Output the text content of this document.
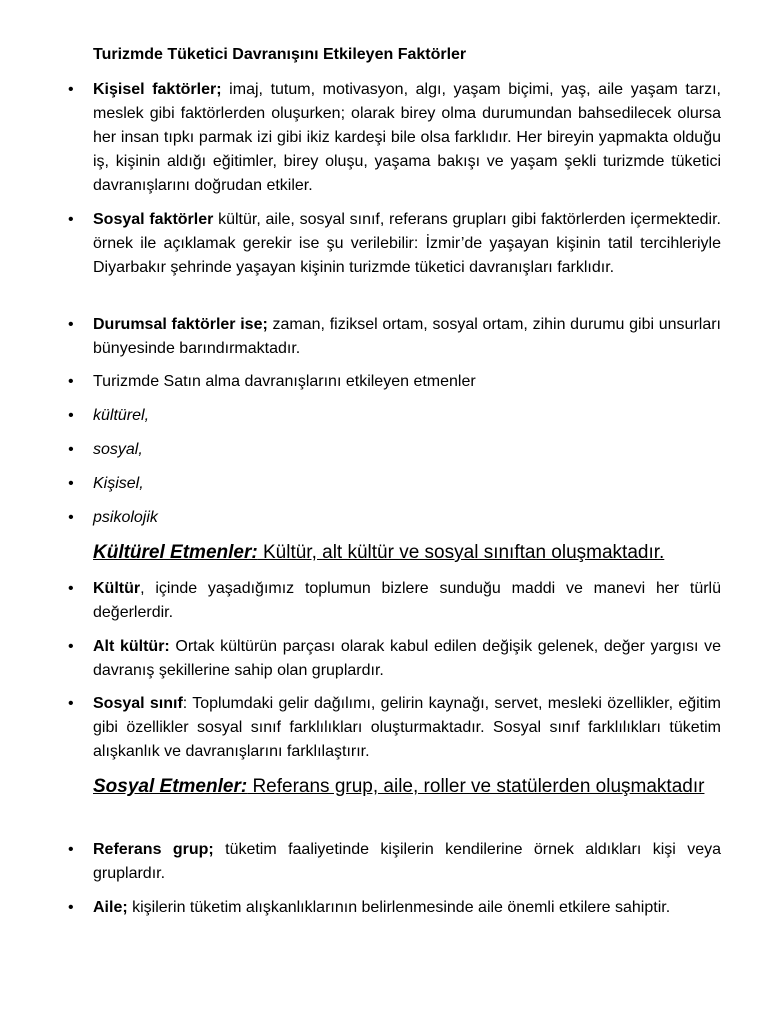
Turizmde Tüketici Davranışını Etkileyen Faktörler
• Kişisel faktörler; imaj, tutum, motivasyon, algı, yaşam biçimi, yaş, aile yaşam tarzı, meslek gibi faktörlerden oluşurken; olarak birey olma durumundan bahsedilecek olursa her insan tıpkı parmak izi gibi ikiz kardeşi bile olsa farklıdır. Her bireyin yapmakta olduğu iş, kişinin aldığı eğitimler, birey oluşu, yaşama bakışı ve yaşam şekli turizmde tüketici davranışlarını doğrudan etkiler.
• Sosyal faktörler kültür, aile, sosyal sınıf, referans grupları gibi faktörlerden içermektedir. örnek ile açıklamak gerekir ise şu verilebilir: İzmir’de yaşayan kişinin tatil tercihleriyle Diyarbakır şehrinde yaşayan kişinin turizmde tüketici davranışları farklıdır.
• Durumsal faktörler ise; zaman, fiziksel ortam, sosyal ortam, zihin durumu gibi unsurları bünyesinde barındırmaktadır.
• Turizmde Satın alma davranışlarını etkileyen etmenler
• kültürel,
• sosyal,
• Kişisel,
• psikolojik
Kültürel Etmenler: Kültür, alt kültür ve sosyal sınıftan oluşmaktadır.
• Kültür, içinde yaşadığımız toplumun bizlere sunduğu maddi ve manevi her türlü değerlerdir.
• Alt kültür: Ortak kültürün parçası olarak kabul edilen değişik gelenek, değer yargısı ve davranış şekillerine sahip olan gruplardır.
• Sosyal sınıf: Toplumdaki gelir dağılımı, gelirin kaynağı, servet, mesleki özellikler, eğitim gibi özellikler sosyal sınıf farklılıkları oluşturmaktadır. Sosyal sınıf farklılıkları tüketim alışkanlık ve davranışlarını farklılaştırır.
Sosyal Etmenler: Referans grup, aile, roller ve statülerden oluşmaktadır
• Referans grup; tüketim faaliyetinde kişilerin kendilerine örnek aldıkları kişi veya gruplardır.
• Aile; kişilerin tüketim alışkanlıklarının belirlenmesinde aile önemli etkilere sahiptir.
